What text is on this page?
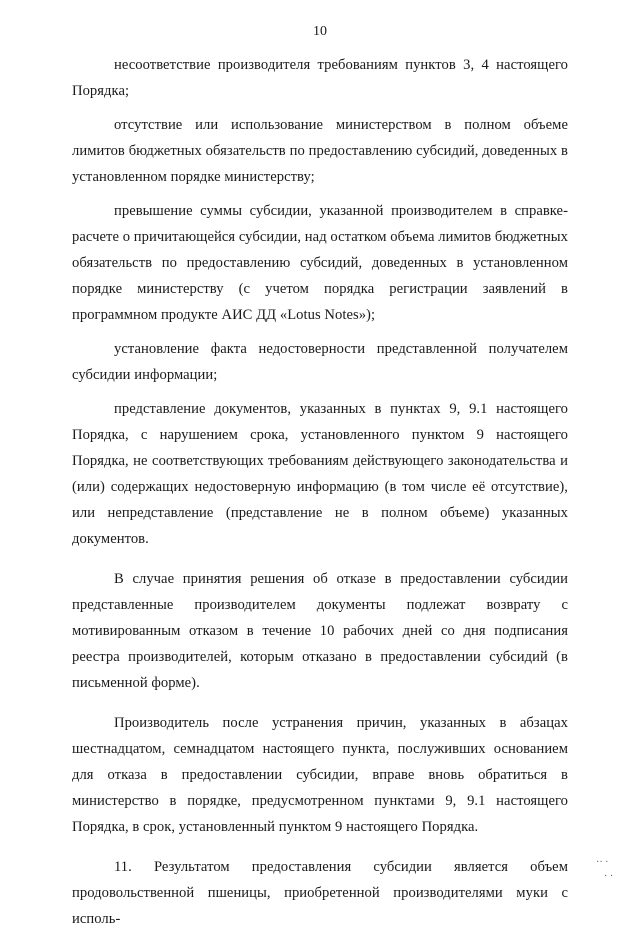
10

несоответствие производителя требованиям пунктов 3, 4 настоящего Порядка;

отсутствие или использование министерством в полном объеме лимитов бюджетных обязательств по предоставлению субсидий, доведенных в установленном порядке министерству;

превышение суммы субсидии, указанной производителем в справке-расчете о причитающейся субсидии, над остатком объема лимитов бюджетных обязательств по предоставлению субсидий, доведенных в установленном порядке министерству (с учетом порядка регистрации заявлений в программном продукте АИС ДД «Lotus Notes»);

установление факта недостоверности представленной получателем субсидии информации;

представление документов, указанных в пунктах 9, 9.1 настоящего Порядка, с нарушением срока, установленного пунктом 9 настоящего Порядка, не соответствующих требованиям действующего законодательства и (или) содержащих недостоверную информацию (в том числе её отсутствие), или непредставление (представление не в полном объеме) указанных документов.

В случае принятия решения об отказе в предоставлении субсидии представленные производителем документы подлежат возврату с мотивированным отказом в течение 10 рабочих дней со дня подписания реестра производителей, которым отказано в предоставлении субсидий (в письменной форме).

Производитель после устранения причин, указанных в абзацах шестнадцатом, семнадцатом настоящего пункта, послуживших основанием для отказа в предоставлении субсидии, вправе вновь обратиться в министерство в порядке, предусмотренном пунктами 9, 9.1 настоящего Порядка, в срок, установленный пунктом 9 настоящего Порядка.

11. Результатом предоставления субсидии является объем продовольственной пшеницы, приобретенной производителями муки с исполь-

·· ·
· ·
